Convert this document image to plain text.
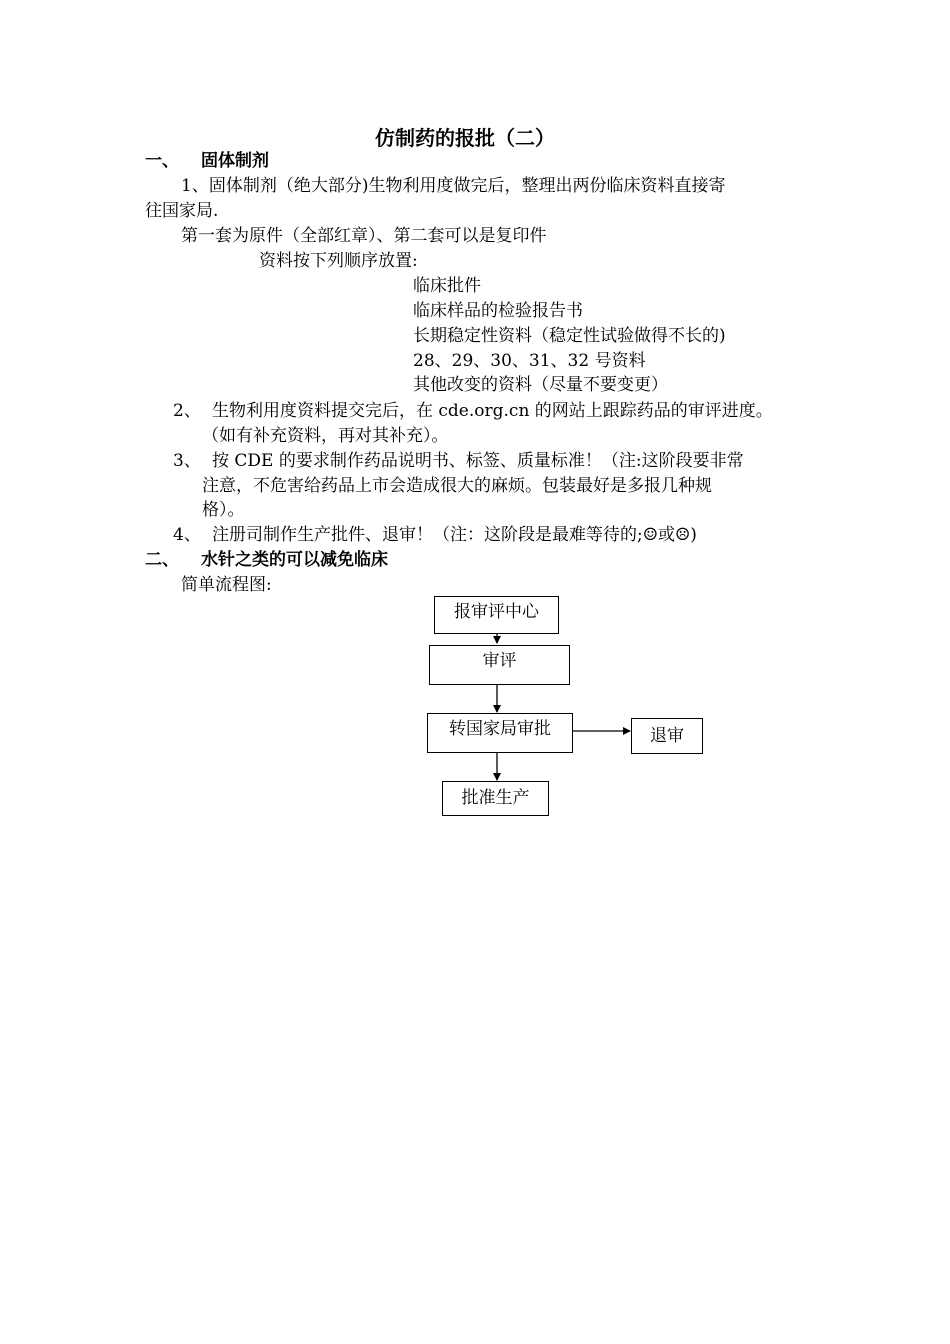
仿制药的报批（二）
一、 固体制剂
1、固体制剂（绝大部分)生物利用度做完后，整理出两份临床资料直接寄
往国家局.
第一套为原件（全部红章）、第二套可以是复印件
资料按下列顺序放置:
临床批件
临床样品的检验报告书
长期稳定性资料（稳定性试验做得不长的)
28、29、30、31、32 号资料
其他改变的资料（尽量不要变更）
2、 生物利用度资料提交完后，在 cde.org.cn 的网站上跟踪药品的审评进度。
（如有补充资料，再对其补充）。
3、 按 CDE 的要求制作药品说明书、标签、质量标准！（注:这阶段要非常
注意，不危害给药品上市会造成很大的麻烦。包装最好是多报几种规
格）。
4、 注册司制作生产批件、退审！（注：这阶段是最难等待的;☺或☹)
二、 水针之类的可以减免临床
简单流程图:
报审评中心
审评
转国家局审批	退审
批准生产
